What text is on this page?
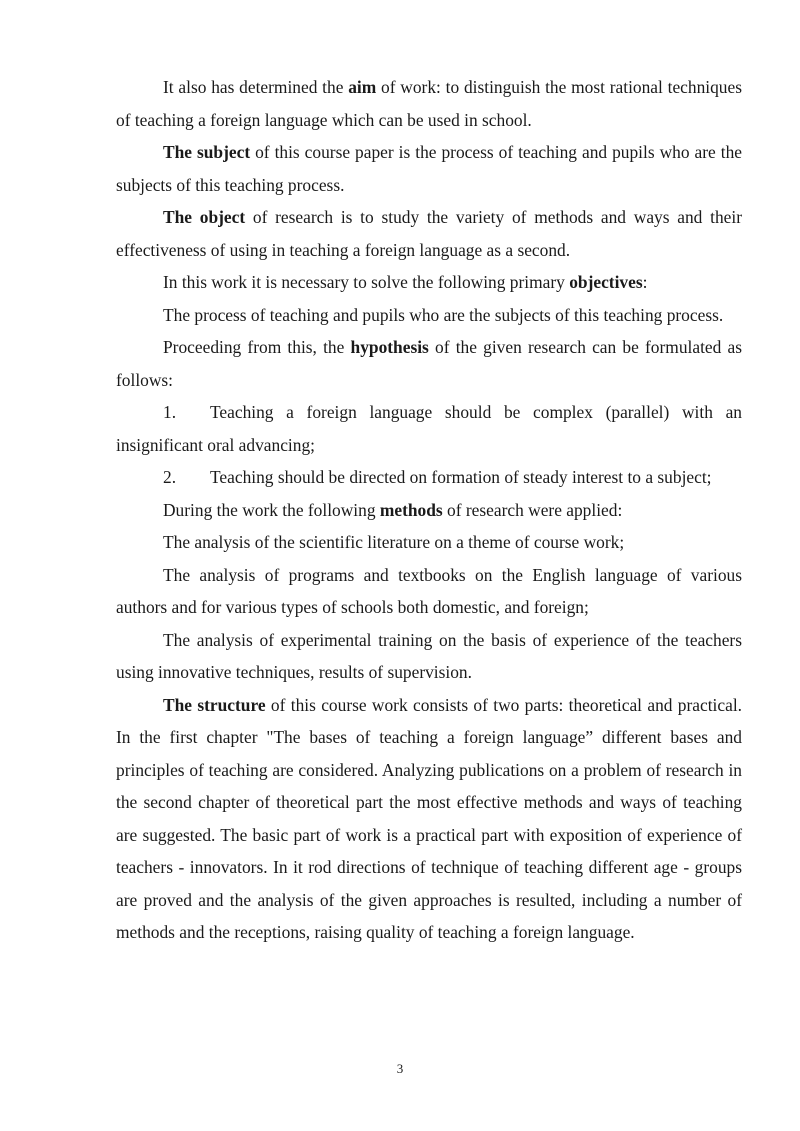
It also has determined the aim of work: to distinguish the most rational techniques of teaching a foreign language which can be used in school.

The subject of this course paper is the process of teaching and pupils who are the subjects of this teaching process.

The object of research is to study the variety of methods and ways and their effectiveness of using in teaching a foreign language as a second.

In this work it is necessary to solve the following primary objectives:

The process of teaching and pupils who are the subjects of this teaching process.

Proceeding from this, the hypothesis of the given research can be formulated as follows:

1. Teaching a foreign language should be complex (parallel) with an insignificant oral advancing;

2. Teaching should be directed on formation of steady interest to a subject;

During the work the following methods of research were applied:

The analysis of the scientific literature on a theme of course work;

The analysis of programs and textbooks on the English language of various authors and for various types of schools both domestic, and foreign;

The analysis of experimental training on the basis of experience of the teachers using innovative techniques, results of supervision.

The structure of this course work consists of two parts: theoretical and practical. In the first chapter "The bases of teaching a foreign language” different bases and principles of teaching are considered. Analyzing publications on a problem of research in the second chapter of theoretical part the most effective methods and ways of teaching are suggested. The basic part of work is a practical part with exposition of experience of teachers - innovators. In it rod directions of technique of teaching different age - groups are proved and the analysis of the given approaches is resulted, including a number of methods and the receptions, raising quality of teaching a foreign language.

3
